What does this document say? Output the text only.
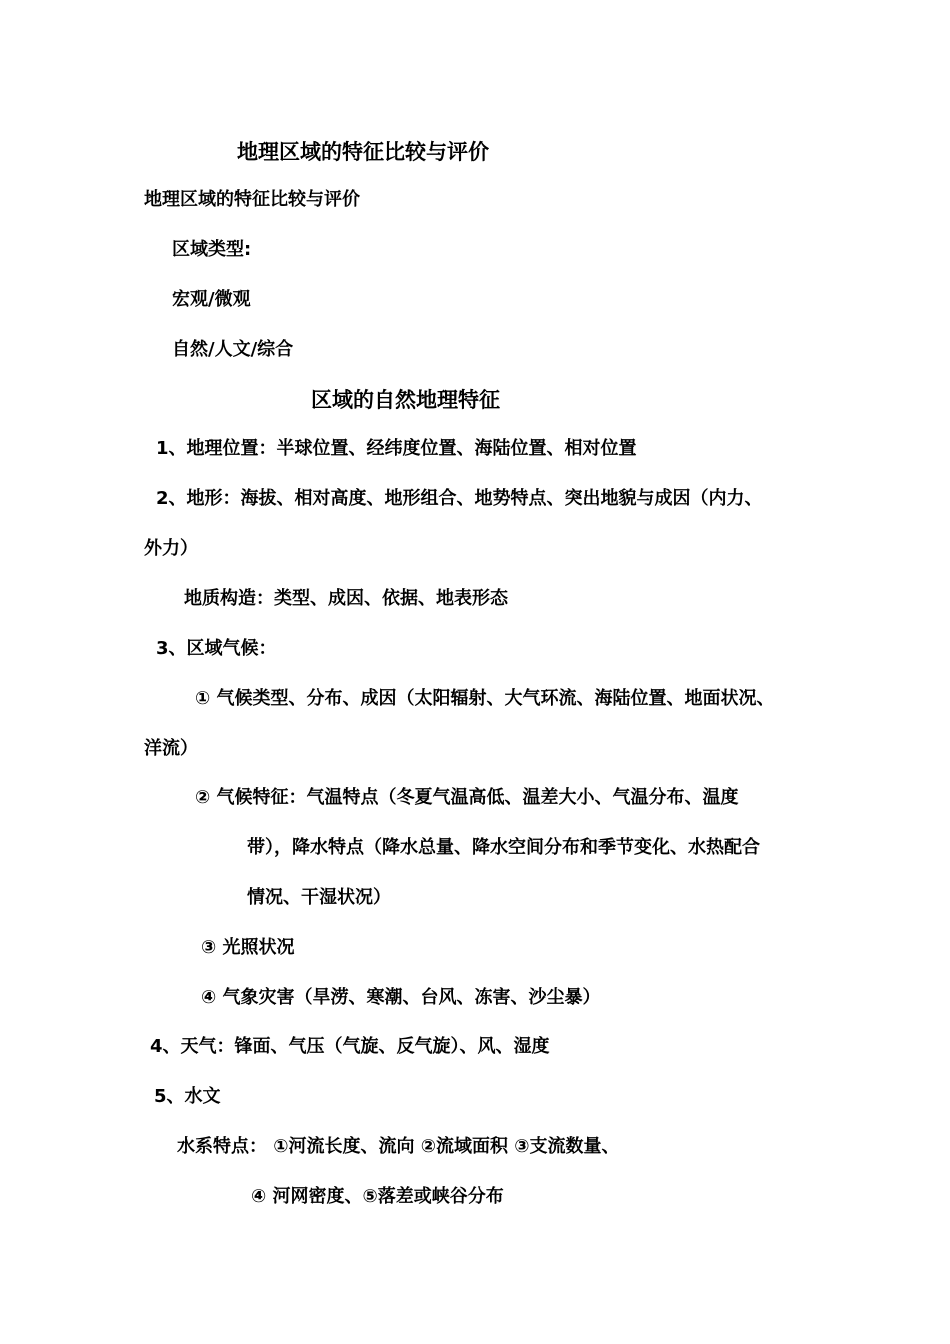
地理区域的特征比较与评价
地理区域的特征比较与评价
区域类型:
宏观/微观
自然/人文/综合
区域的自然地理特征
1、地理位置：半球位置、经纬度位置、海陆位置、相对位置
2、地形：海拔、相对高度、地形组合、地势特点、突出地貌与成因（内力、
外力）
地质构造：类型、成因、依据、地表形态
3、区域气候：
① 气候类型、分布、成因（太阳辐射、大气环流、海陆位置、地面状况、
洋流）
② 气候特征：气温特点（冬夏气温高低、温差大小、气温分布、温度
带），降水特点（降水总量、降水空间分布和季节变化、水热配合
情况、干湿状况）
③ 光照状况
④ 气象灾害（旱涝、寒潮、台风、冻害、沙尘暴）
4、天气：锋面、气压（气旋、反气旋）、风、湿度
5、水文
水系特点： ①河流长度、流向 ②流域面积 ③支流数量、
④ 河网密度、⑤落差或峡谷分布
